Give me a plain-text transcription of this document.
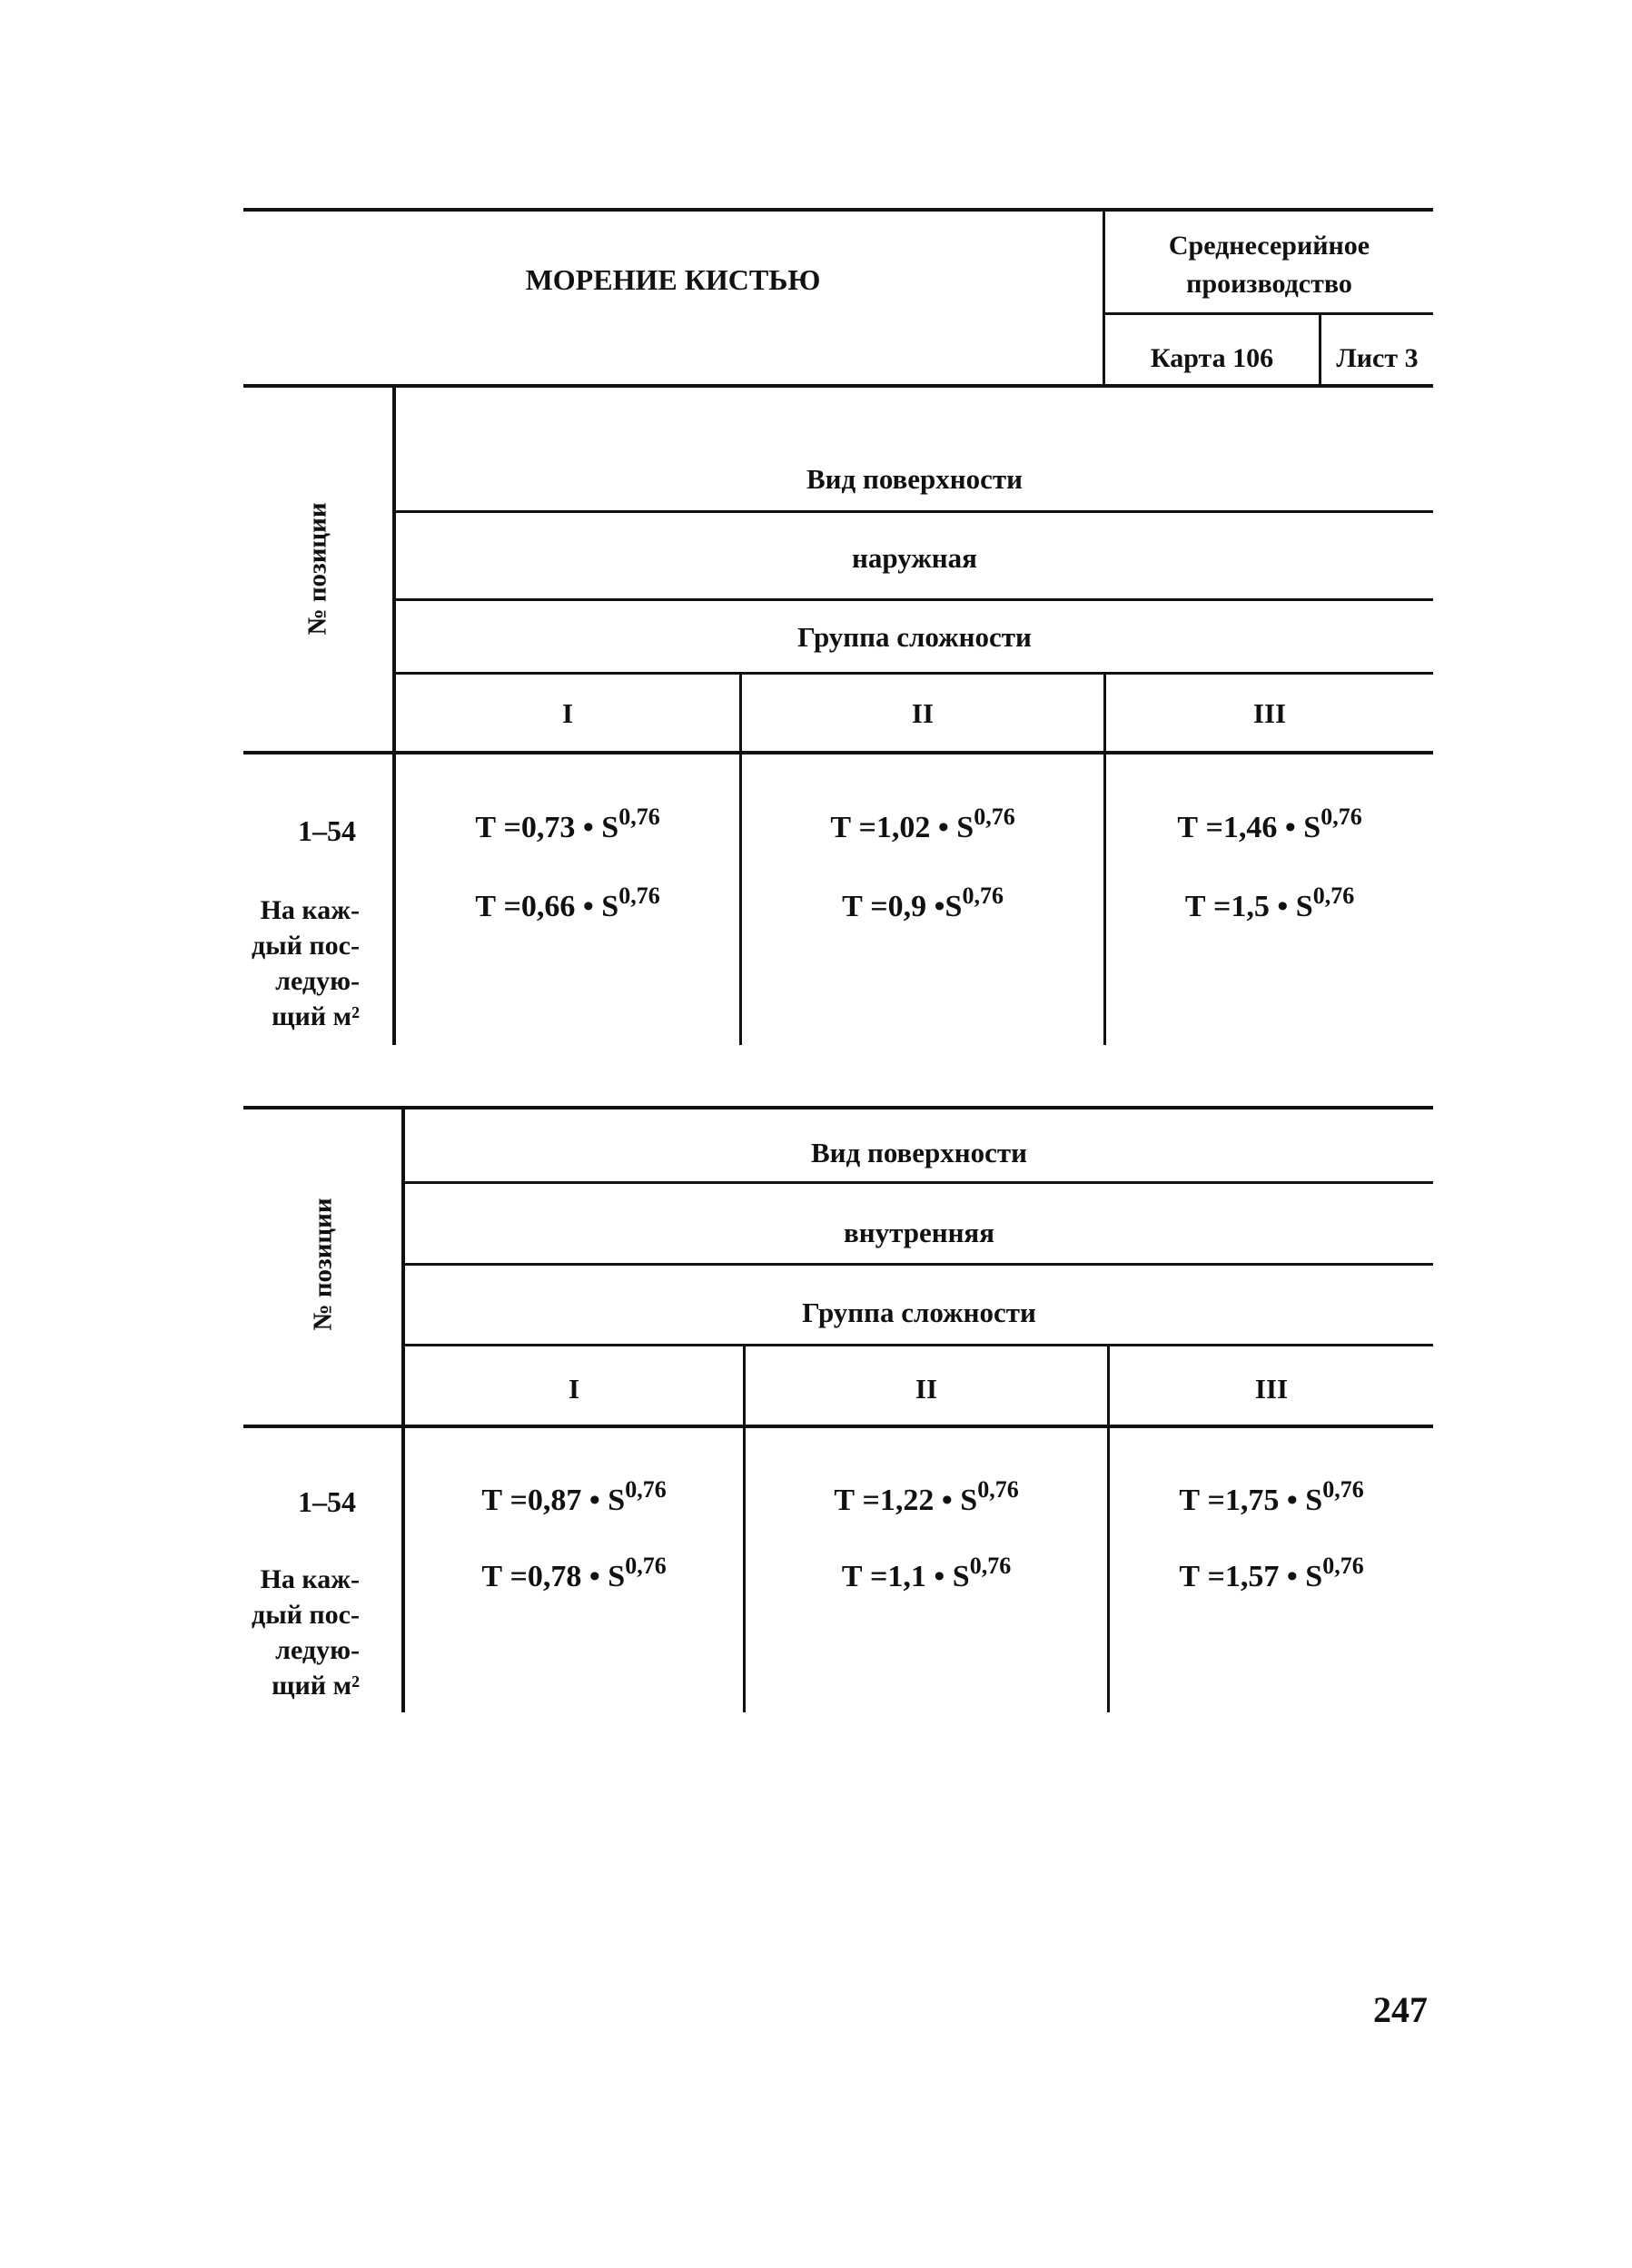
МОРЕНИЕ КИСТЬЮ
Среднесерийное
производство
Карта 106	Лист 3
№ позиции
Вид поверхности
наружная
Группа сложности
I	II	III
1–54
На каж-
дый пос-
ледую-
щий м²
Т =0,73 • S$^{0,76}$	Т =1,02 • S$^{0,76}$	Т =1,46 • S$^{0,76}$
Т =0,66 • S$^{0,76}$	Т =0,9 $•S^{0,76}$	Т =1,5 • S$^{0,76}$
№ позиции
Вид поверхности
внутренняя
Группа сложности
I	II	III
1–54
На каж-
дый пос-
ледую-
щий м²
Т =0,87 • S$^{0,76}$	Т =1,22 • S$^{0,76}$	Т =1,75 • S$^{0,76}$
Т =0,78 • S$^{0,76}$	Т =1,1 • S$^{0,76}$	Т =1,57 • S$^{0,76}$
247
